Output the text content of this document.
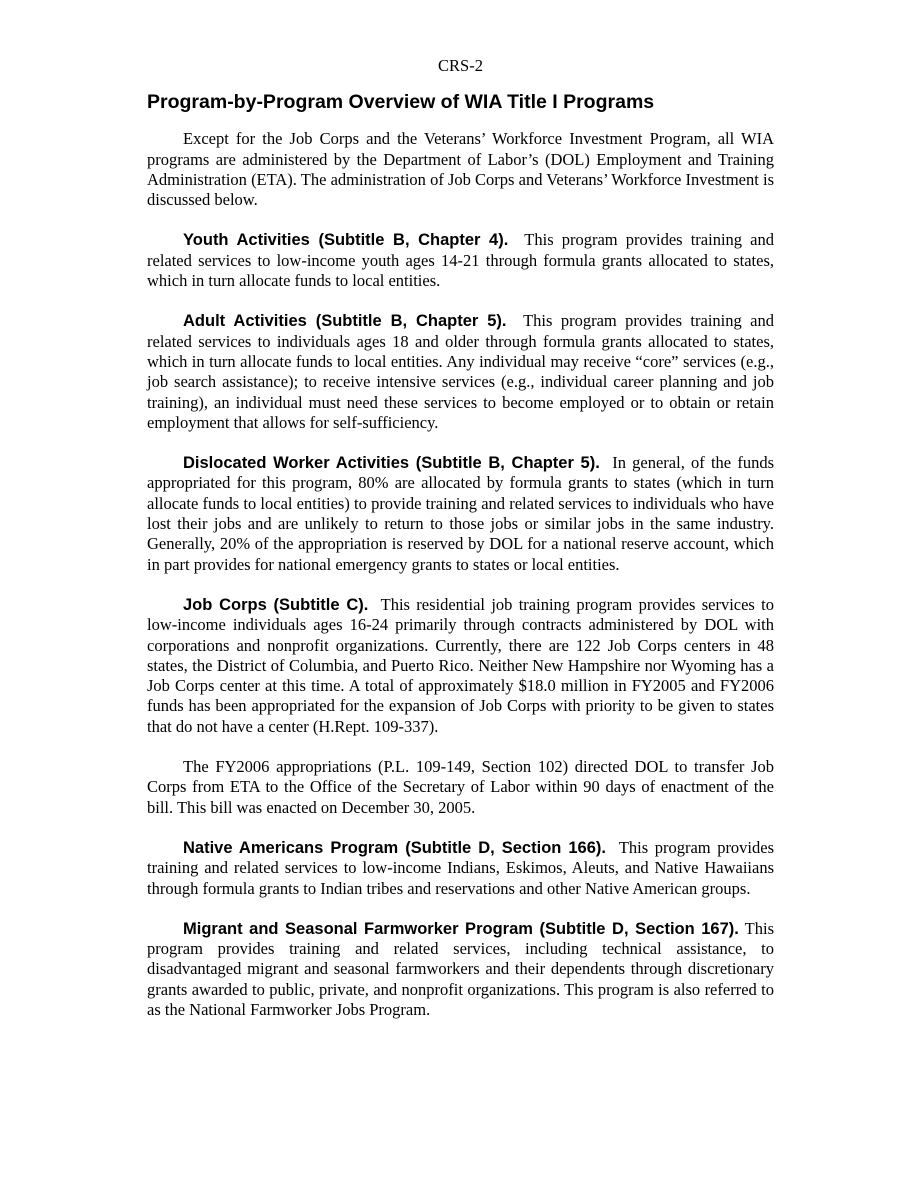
CRS-2
Program-by-Program Overview of WIA Title I Programs

Except for the Job Corps and the Veterans’ Workforce Investment Program, all WIA programs are administered by the Department of Labor’s (DOL) Employment and Training Administration (ETA). The administration of Job Corps and Veterans’ Workforce Investment is discussed below.

Youth Activities (Subtitle B, Chapter 4). This program provides training and related services to low-income youth ages 14-21 through formula grants allocated to states, which in turn allocate funds to local entities.

Adult Activities (Subtitle B, Chapter 5). This program provides training and related services to individuals ages 18 and older through formula grants allocated to states, which in turn allocate funds to local entities. Any individual may receive “core” services (e.g., job search assistance); to receive intensive services (e.g., individual career planning and job training), an individual must need these services to become employed or to obtain or retain employment that allows for self-sufficiency.

Dislocated Worker Activities (Subtitle B, Chapter 5). In general, of the funds appropriated for this program, 80% are allocated by formula grants to states (which in turn allocate funds to local entities) to provide training and related services to individuals who have lost their jobs and are unlikely to return to those jobs or similar jobs in the same industry. Generally, 20% of the appropriation is reserved by DOL for a national reserve account, which in part provides for national emergency grants to states or local entities.

Job Corps (Subtitle C). This residential job training program provides services to low-income individuals ages 16-24 primarily through contracts administered by DOL with corporations and nonprofit organizations. Currently, there are 122 Job Corps centers in 48 states, the District of Columbia, and Puerto Rico. Neither New Hampshire nor Wyoming has a Job Corps center at this time. A total of approximately $18.0 million in FY2005 and FY2006 funds has been appropriated for the expansion of Job Corps with priority to be given to states that do not have a center (H.Rept. 109-337).

The FY2006 appropriations (P.L. 109-149, Section 102) directed DOL to transfer Job Corps from ETA to the Office of the Secretary of Labor within 90 days of enactment of the bill. This bill was enacted on December 30, 2005.

Native Americans Program (Subtitle D, Section 166). This program provides training and related services to low-income Indians, Eskimos, Aleuts, and Native Hawaiians through formula grants to Indian tribes and reservations and other Native American groups.

Migrant and Seasonal Farmworker Program (Subtitle D, Section 167). This program provides training and related services, including technical assistance, to disadvantaged migrant and seasonal farmworkers and their dependents through discretionary grants awarded to public, private, and nonprofit organizations. This program is also referred to as the National Farmworker Jobs Program.
